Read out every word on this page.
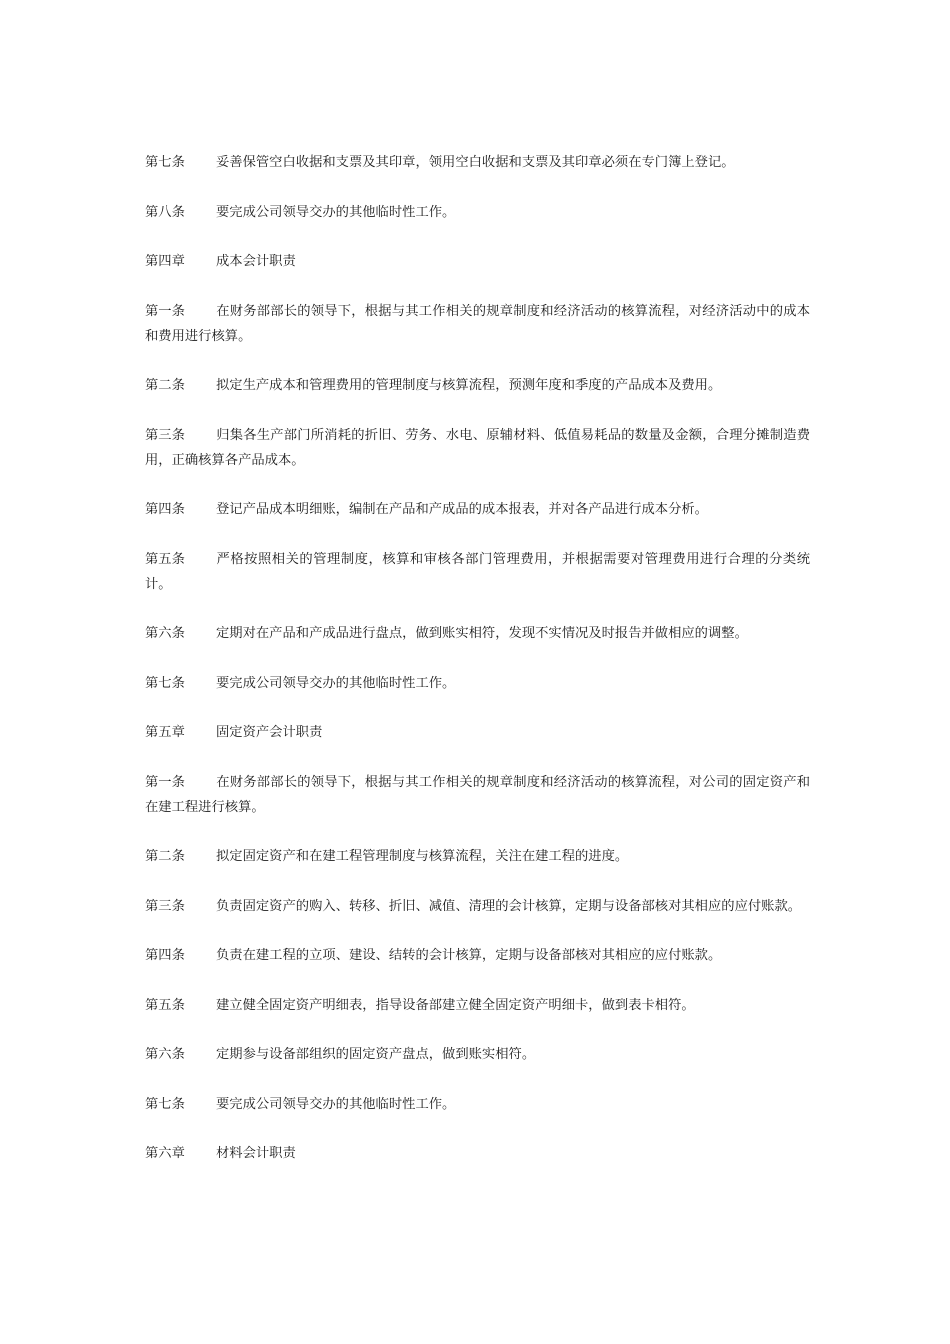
第七条 妥善保管空白收据和支票及其印章，领用空白收据和支票及其印章必须在专门簿上登记。

第八条 要完成公司领导交办的其他临时性工作。

第四章 成本会计职责

第一条 在财务部部长的领导下，根据与其工作相关的规章制度和经济活动的核算流程，对经济活动中的成本和费用进行核算。

第二条 拟定生产成本和管理费用的管理制度与核算流程，预测年度和季度的产品成本及费用。

第三条 归集各生产部门所消耗的折旧、劳务、水电、原辅材料、低值易耗品的数量及金额，合理分摊制造费用，正确核算各产品成本。

第四条 登记产品成本明细账，编制在产品和产成品的成本报表，并对各产品进行成本分析。

第五条 严格按照相关的管理制度，核算和审核各部门管理费用，并根据需要对管理费用进行合理的分类统计。

第六条 定期对在产品和产成品进行盘点，做到账实相符，发现不实情况及时报告并做相应的调整。

第七条 要完成公司领导交办的其他临时性工作。

第五章 固定资产会计职责

第一条 在财务部部长的领导下，根据与其工作相关的规章制度和经济活动的核算流程，对公司的固定资产和在建工程进行核算。

第二条 拟定固定资产和在建工程管理制度与核算流程，关注在建工程的进度。

第三条 负责固定资产的购入、转移、折旧、减值、清理的会计核算，定期与设备部核对其相应的应付账款。

第四条 负责在建工程的立项、建设、结转的会计核算，定期与设备部核对其相应的应付账款。

第五条 建立健全固定资产明细表，指导设备部建立健全固定资产明细卡，做到表卡相符。

第六条 定期参与设备部组织的固定资产盘点，做到账实相符。

第七条 要完成公司领导交办的其他临时性工作。

第六章 材料会计职责
